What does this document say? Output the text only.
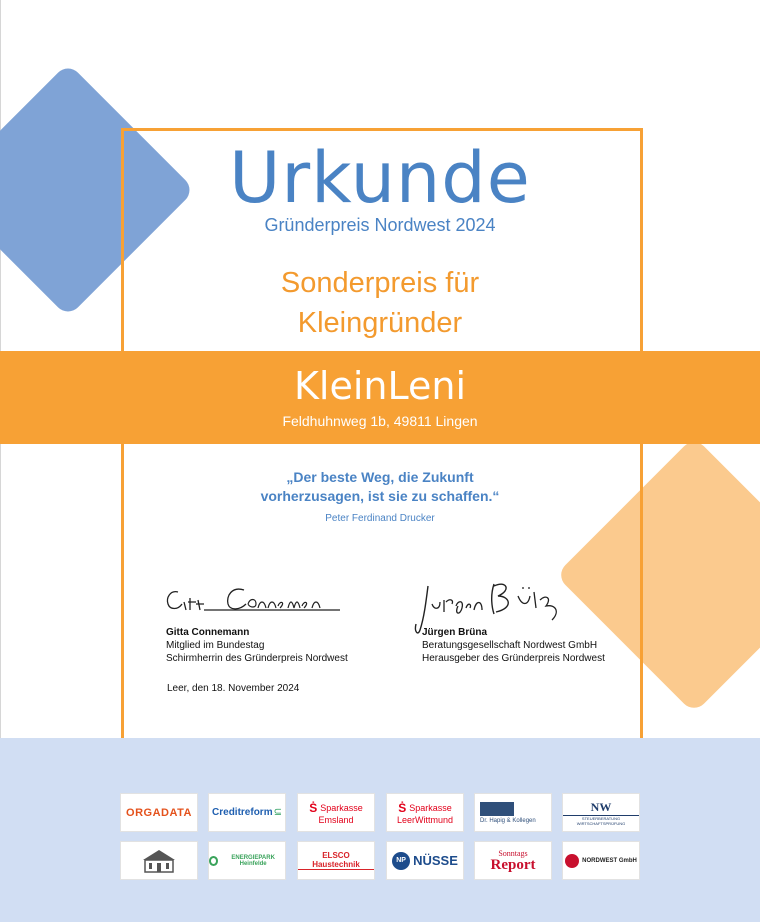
Urkunde
Gründerpreis Nordwest 2024
Sonderpreis für
Kleingründer
KleinLeni
Feldhuhnweg 1b, 49811 Lingen
„Der beste Weg, die Zukunft
vorherzusagen, ist sie zu schaffen.“
Peter Ferdinand Drucker
Gitta Connemann
Mitglied im Bundestag
Schirmherrin des Gründerpreis Nordwest
Jürgen Brüna
Beratungsgesellschaft Nordwest GmbH
Herausgeber des Gründerpreis Nordwest
Leer, den 18. November 2024
ORGADATA Creditreform ⊆ Ṡ Sparkasse
Emsland
Ṡ Sparkasse
LeerWittmund	Dr. Hapig & Kollegen
NW
STEUERBERATUNG WIRTSCHAFTSPRÜFUNG
ENERGIEPARK Heinfelde
ELSCO Haustechnik	NP NÜSSE	Sonntags
Report	NORDWEST GmbH
